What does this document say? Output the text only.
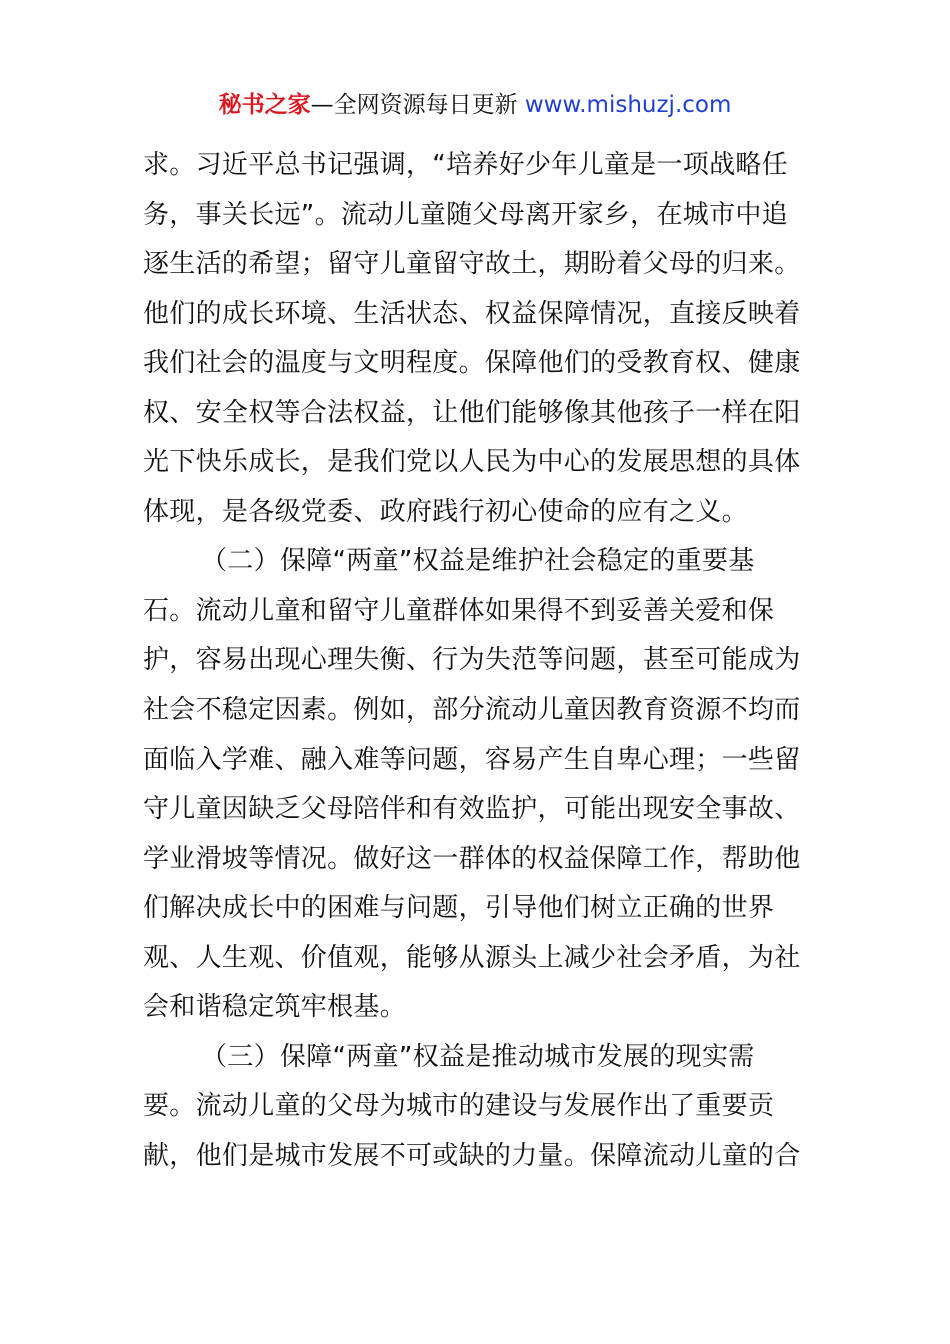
秘书之家—全网资源每日更新 www.mishuzj.com
求。习近平总书记强调，“培养好少年儿童是一项战略任
务，事关长远”。流动儿童随父母离开家乡，在城市中追
逐生活的希望；留守儿童留守故土，期盼着父母的归来。
他们的成长环境、生活状态、权益保障情况，直接反映着
我们社会的温度与文明程度。保障他们的受教育权、健康
权、安全权等合法权益，让他们能够像其他孩子一样在阳
光下快乐成长，是我们党以人民为中心的发展思想的具体
体现，是各级党委、政府践行初心使命的应有之义。
（二）保障“两童”权益是维护社会稳定的重要基
石。流动儿童和留守儿童群体如果得不到妥善关爱和保
护，容易出现心理失衡、行为失范等问题，甚至可能成为
社会不稳定因素。例如，部分流动儿童因教育资源不均而
面临入学难、融入难等问题，容易产生自卑心理；一些留
守儿童因缺乏父母陪伴和有效监护，可能出现安全事故、
学业滑坡等情况。做好这一群体的权益保障工作，帮助他
们解决成长中的困难与问题，引导他们树立正确的世界
观、人生观、价值观，能够从源头上减少社会矛盾，为社
会和谐稳定筑牢根基。
（三）保障“两童”权益是推动城市发展的现实需
要。流动儿童的父母为城市的建设与发展作出了重要贡
献，他们是城市发展不可或缺的力量。保障流动儿童的合
